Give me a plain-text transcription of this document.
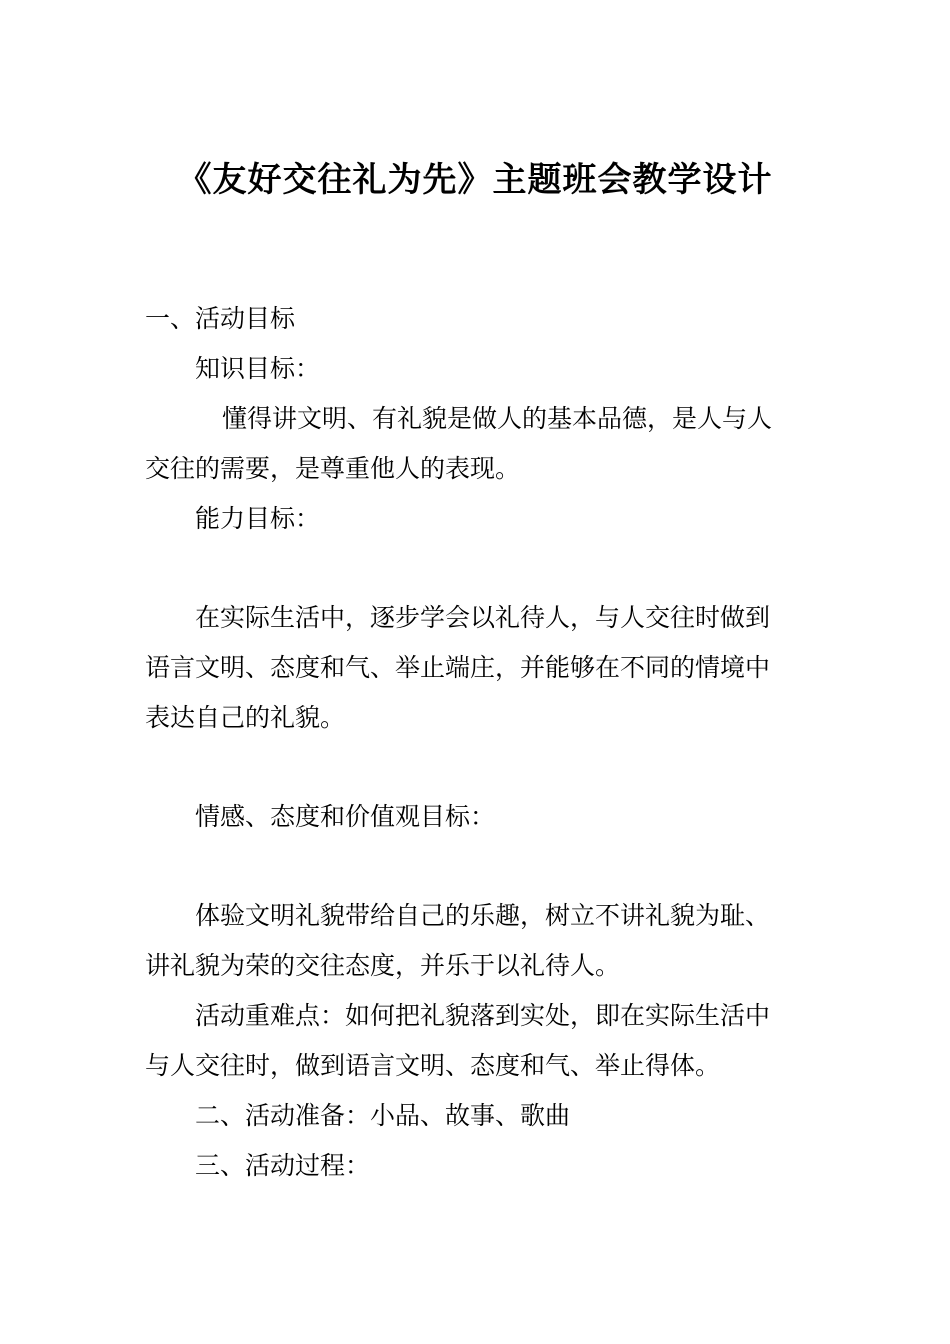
《友好交往礼为先》主题班会教学设计
一、活动目标
知识目标：
懂得讲文明、有礼貌是做人的基本品德，是人与人
交往的需要，是尊重他人的表现。
能力目标：
在实际生活中，逐步学会以礼待人，与人交往时做到
语言文明、态度和气、举止端庄，并能够在不同的情境中
表达自己的礼貌。
情感、态度和价值观目标：
体验文明礼貌带给自己的乐趣，树立不讲礼貌为耻、
讲礼貌为荣的交往态度，并乐于以礼待人。
活动重难点：如何把礼貌落到实处，即在实际生活中
与人交往时，做到语言文明、态度和气、举止得体。
二、活动准备：小品、故事、歌曲
三、活动过程：
